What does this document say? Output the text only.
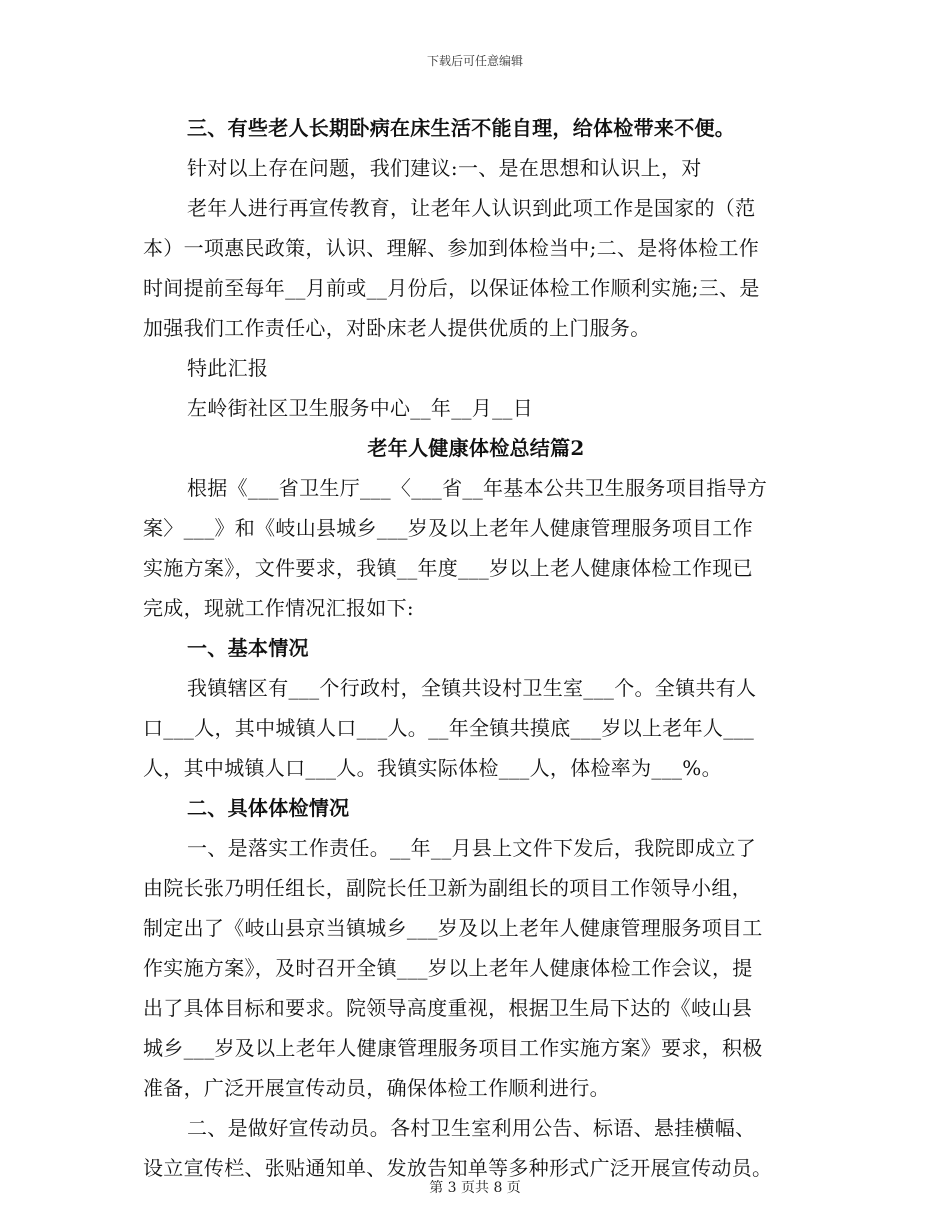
下载后可任意编辑
三、有些老人长期卧病在床生活不能自理，给体检带来不便。
针对以上存在问题，我们建议:一、是在思想和认识上，对
老年人进行再宣传教育，让老年人认识到此项工作是国家的（范
本）一项惠民政策，认识、理解、参加到体检当中;二、是将体检工作
时间提前至每年__月前或__月份后，以保证体检工作顺利实施;三、是
加强我们工作责任心，对卧床老人提供优质的上门服务。
特此汇报
左岭街社区卫生服务中心__年__月__日
老年人健康体检总结篇2
根据《___省卫生厅___〈___省__年基本公共卫生服务项目指导方
案〉___》和《岐山县城乡___岁及以上老年人健康管理服务项目工作
实施方案》，文件要求，我镇__年度___岁以上老人健康体检工作现已
完成，现就工作情况汇报如下:
一、基本情况
我镇辖区有___个行政村，全镇共设村卫生室___个。全镇共有人
口___人，其中城镇人口___人。__年全镇共摸底___岁以上老年人___
人，其中城镇人口___人。我镇实际体检___人，体检率为___%。
二、具体体检情况
一、是落实工作责任。__年__月县上文件下发后，我院即成立了
由院长张乃明任组长，副院长任卫新为副组长的项目工作领导小组，
制定出了《岐山县京当镇城乡___岁及以上老年人健康管理服务项目工
作实施方案》，及时召开全镇___岁以上老年人健康体检工作会议，提
出了具体目标和要求。院领导高度重视，根据卫生局下达的《岐山县
城乡___岁及以上老年人健康管理服务项目工作实施方案》要求，积极
准备，广泛开展宣传动员，确保体检工作顺利进行。
二、是做好宣传动员。各村卫生室利用公告、标语、悬挂横幅、
设立宣传栏、张贴通知单、发放告知单等多种形式广泛开展宣传动员。
第 3 页共 8 页
